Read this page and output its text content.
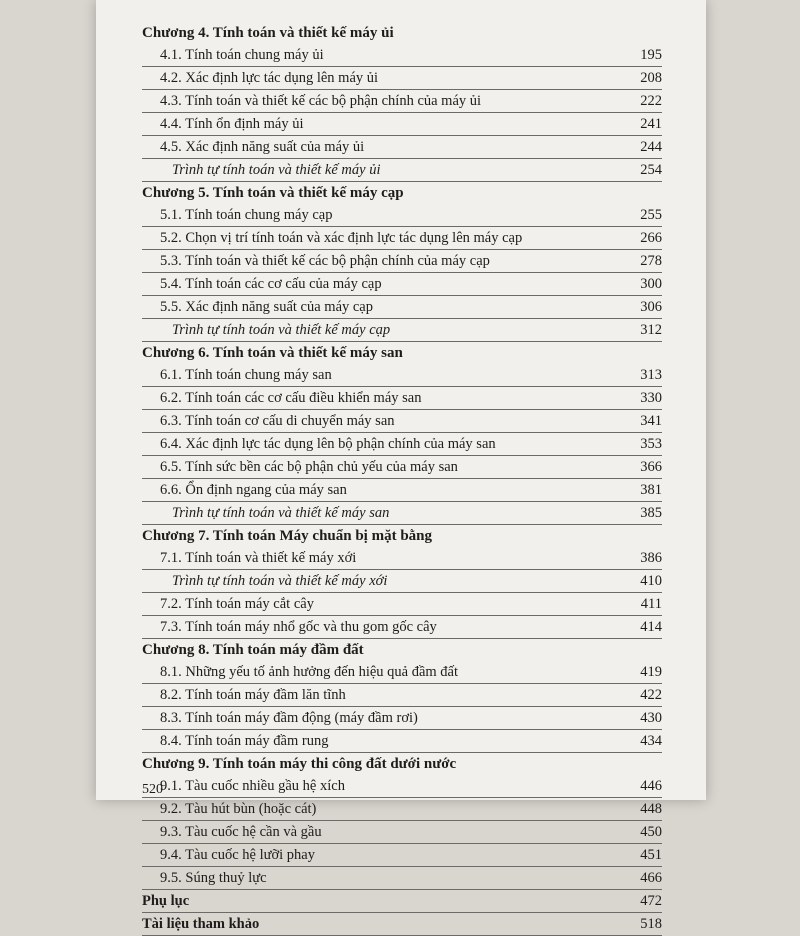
Chương 4. Tính toán và thiết kế máy ủi
4.1. Tính toán chung máy ủi	195
4.2. Xác định lực tác dụng lên máy ủi	208
4.3. Tính toán và thiết kế các bộ phận chính của máy ủi	222
4.4. Tính ổn định máy ủi	241
4.5. Xác định năng suất của máy ủi	244
Trình tự tính toán và thiết kế máy ủi	254
Chương 5. Tính toán và thiết kế máy cạp
5.1. Tính toán chung máy cạp	255
5.2. Chọn vị trí tính toán và xác định lực tác dụng lên máy cạp	266
5.3. Tính toán và thiết kế các bộ phận chính của máy cạp	278
5.4. Tính toán các cơ cấu của máy cạp	300
5.5. Xác định năng suất của máy cạp	306
Trình tự tính toán và thiết kế máy cạp	312
Chương 6. Tính toán và thiết kế máy san
6.1. Tính toán chung máy san	313
6.2. Tính toán các cơ cấu điều khiển máy san	330
6.3. Tính toán cơ cấu di chuyển máy san	341
6.4. Xác định lực tác dụng lên bộ phận chính của máy san	353
6.5. Tính sức bền các bộ phận chủ yếu của máy san	366
6.6. Ổn định ngang của máy san	381
Trình tự tính toán và thiết kế máy san	385
Chương 7. Tính toán Máy chuẩn bị mặt bằng
7.1. Tính toán và thiết kế máy xới	386
Trình tự tính toán và thiết kế máy xới	410
7.2. Tính toán máy cắt cây	411
7.3. Tính toán máy nhổ gốc và thu gom gốc cây	414
Chương 8. Tính toán máy đầm đất
8.1. Những yếu tố ảnh hưởng đến hiệu quả đầm đất	419
8.2. Tính toán máy đầm lăn tĩnh	422
8.3. Tính toán máy đầm động (máy đầm rơi)	430
8.4. Tính toán máy đầm rung	434
Chương 9. Tính toán máy thi công đất dưới nước
9.1. Tàu cuốc nhiều gầu hệ xích	446
9.2. Tàu hút bùn (hoặc cát)	448
9.3. Tàu cuốc hệ cần và gầu	450
9.4. Tàu cuốc hệ lưỡi phay	451
9.5. Súng thuỷ lực	466
Phụ lục	472
Tài liệu tham khảo	518
520
